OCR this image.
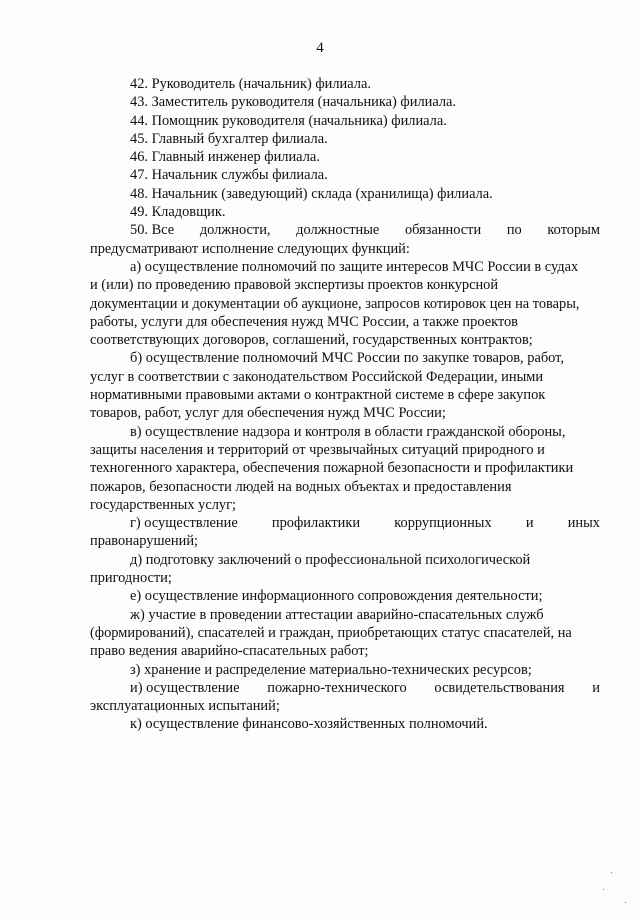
4
42. Руководитель (начальник) филиала.
43. Заместитель руководителя (начальника) филиала.
44. Помощник руководителя (начальника) филиала.
45. Главный бухгалтер филиала.
46. Главный инженер филиала.
47. Начальник службы филиала.
48. Начальник (заведующий) склада (хранилища) филиала.
49. Кладовщик.
50. Все должности, должностные обязанности по которым
предусматривают исполнение следующих функций:
а) осуществление полномочий по защите интересов МЧС России в судах
и (или) по проведению правовой экспертизы проектов конкурсной
документации и документации об аукционе, запросов котировок цен на товары,
работы, услуги для обеспечения нужд МЧС России, а также проектов
соответствующих договоров, соглашений, государственных контрактов;
б) осуществление полномочий МЧС России по закупке товаров, работ,
услуг в соответствии с законодательством Российской Федерации, иными
нормативными правовыми актами о контрактной системе в сфере закупок
товаров, работ, услуг для обеспечения нужд МЧС России;
в) осуществление надзора и контроля в области гражданской обороны,
защиты населения и территорий от чрезвычайных ситуаций природного и
техногенного характера, обеспечения пожарной безопасности и профилактики
пожаров, безопасности людей на водных объектах и предоставления
государственных услуг;
г) осуществление профилактики коррупционных и иных
правонарушений;
д) подготовку заключений о профессиональной психологической
пригодности;
е) осуществление информационного сопровождения деятельности;
ж) участие в проведении аттестации аварийно-спасательных служб
(формирований), спасателей и граждан, приобретающих статус спасателей, на
право ведения аварийно-спасательных работ;
з) хранение и распределение материально-технических ресурсов;
и) осуществление пожарно-технического освидетельствования и
эксплуатационных испытаний;
к) осуществление финансово-хозяйственных полномочий.
